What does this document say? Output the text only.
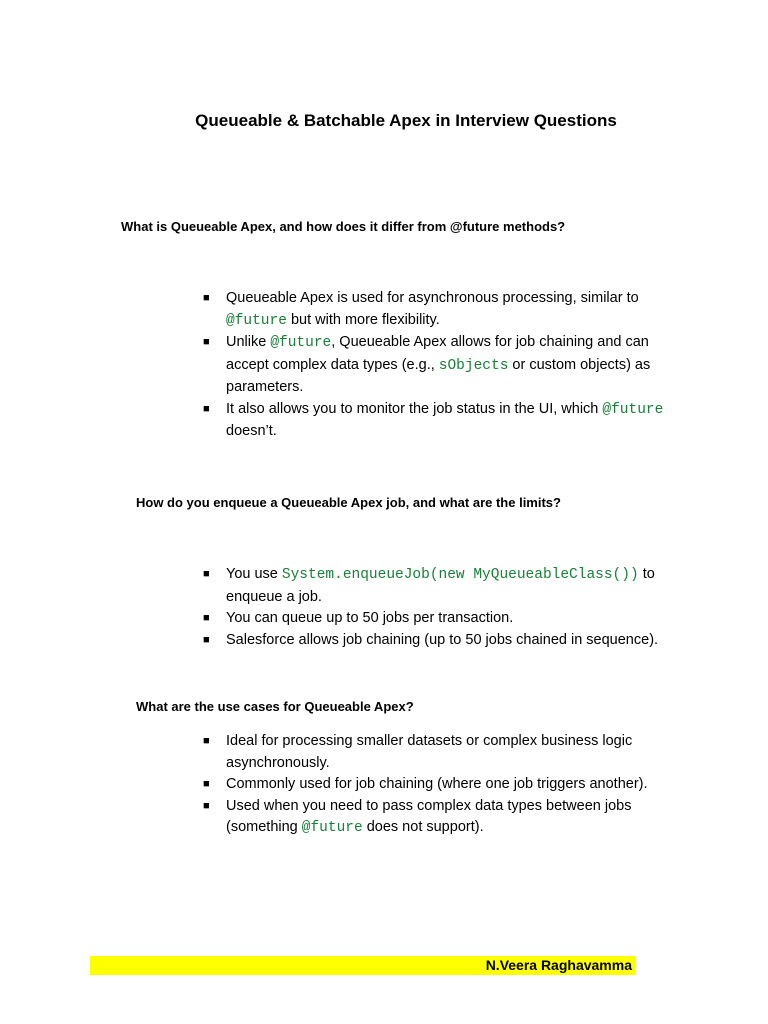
Queueable & Batchable Apex in Interview Questions
What is Queueable Apex, and how does it differ from @future methods?
■ Queueable Apex is used for asynchronous processing, similar to @future but with more flexibility.
■ Unlike @future, Queueable Apex allows for job chaining and can accept complex data types (e.g., sObjects or custom objects) as parameters.
■ It also allows you to monitor the job status in the UI, which @future doesn’t.
How do you enqueue a Queueable Apex job, and what are the limits?
■ You use System.enqueueJob(new MyQueueableClass()) to enqueue a job.
■ You can queue up to 50 jobs per transaction.
■ Salesforce allows job chaining (up to 50 jobs chained in sequence).
What are the use cases for Queueable Apex?
■ Ideal for processing smaller datasets or complex business logic asynchronously.
■ Commonly used for job chaining (where one job triggers another).
■ Used when you need to pass complex data types between jobs (something @future does not support).
N.Veera Raghavamma
